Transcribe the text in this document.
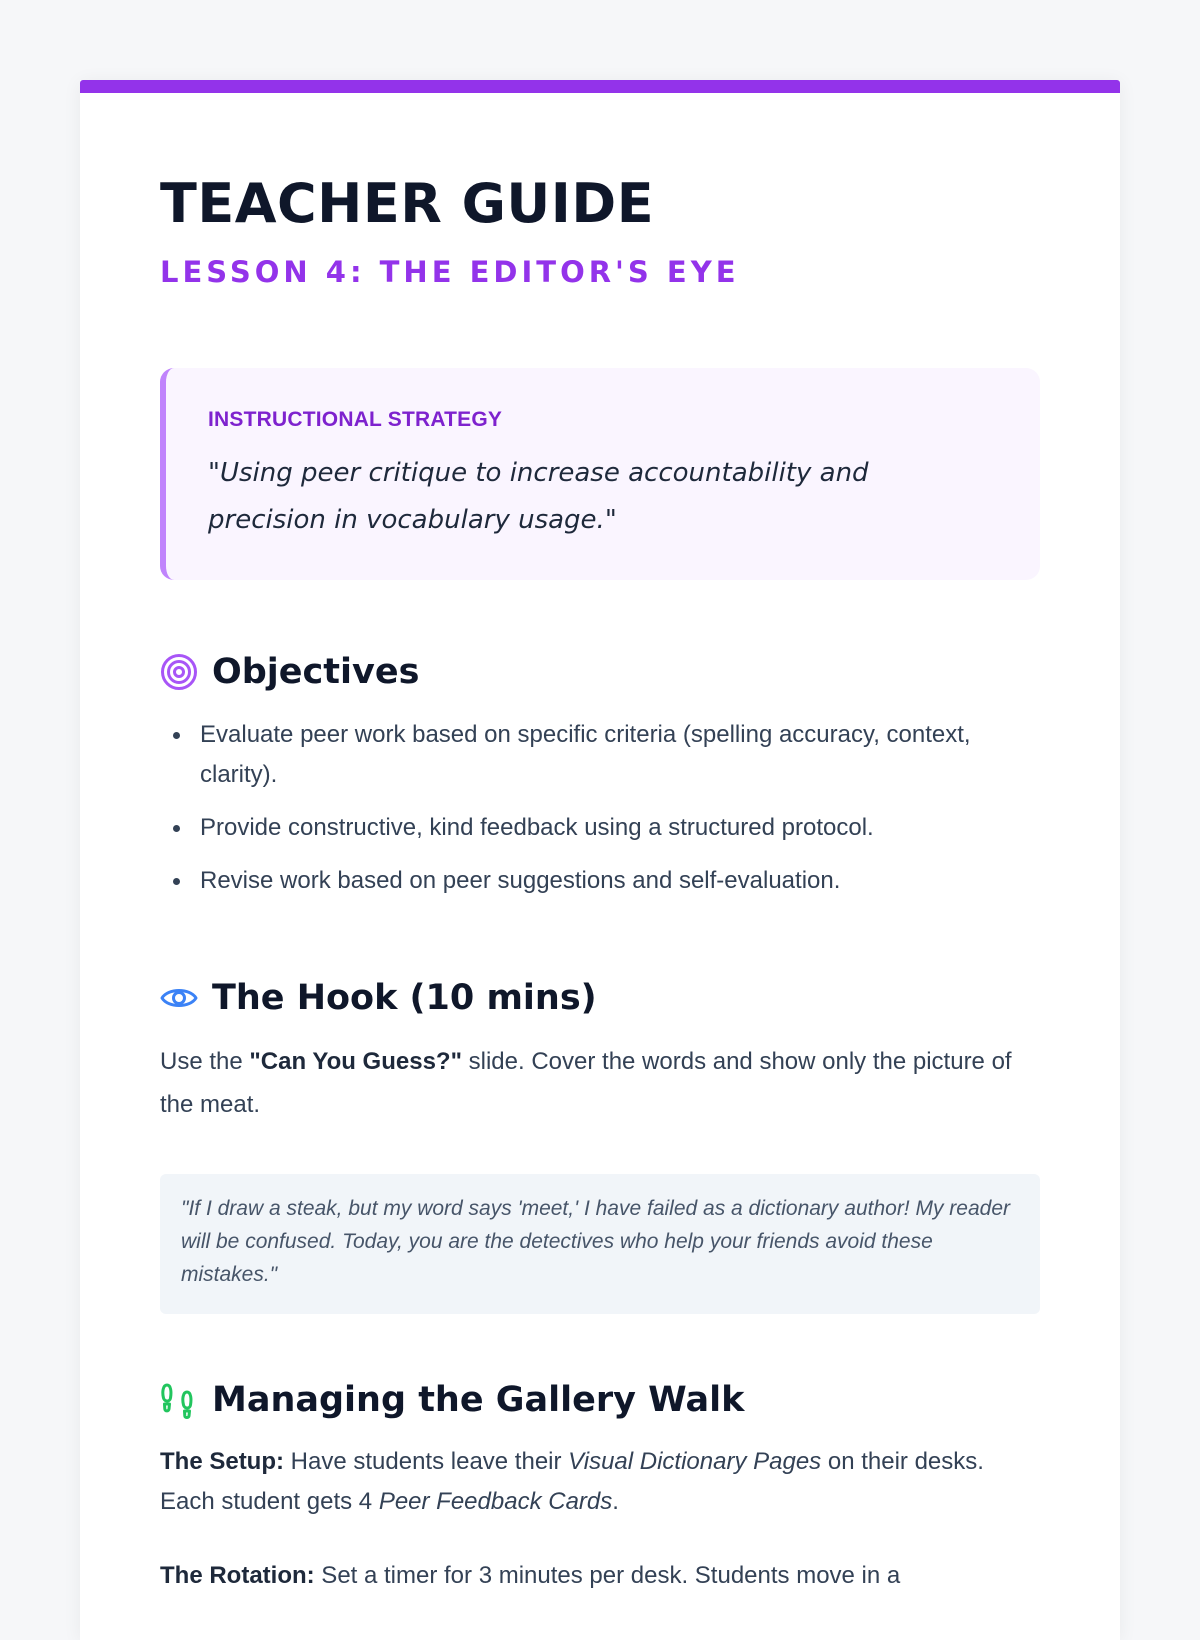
TEACHER GUIDE
LESSON 4: THE EDITOR'S EYE
INSTRUCTIONAL STRATEGY
"Using peer critique to increase accountability and precision in vocabulary usage."
Objectives
Evaluate peer work based on specific criteria (spelling accuracy, context, clarity).
Provide constructive, kind feedback using a structured protocol.
Revise work based on peer suggestions and self-evaluation.
The Hook (10 mins)
Use the "Can You Guess?" slide. Cover the words and show only the picture of the meat.
"If I draw a steak, but my word says 'meet,' I have failed as a dictionary author! My reader will be confused. Today, you are the detectives who help your friends avoid these mistakes."
Managing the Gallery Walk
The Setup: Have students leave their Visual Dictionary Pages on their desks. Each student gets 4 Peer Feedback Cards.
The Rotation: Set a timer for 3 minutes per desk. Students move in a
